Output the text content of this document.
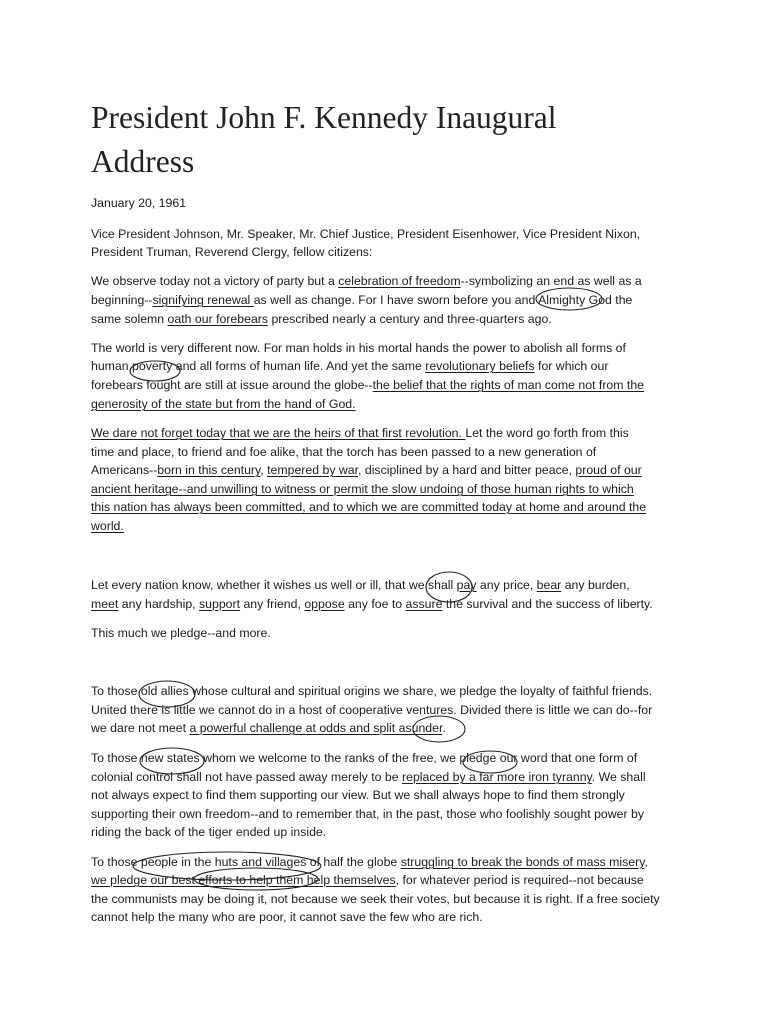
President John F. Kennedy Inaugural
Address

January 20, 1961

Vice President Johnson, Mr. Speaker, Mr. Chief Justice, President Eisenhower, Vice President Nixon,

President Truman, Reverend Clergy, fellow citizens:

We observe today not a victory of party but a celebration of freedom--symbolizing an end as well as a

beginning--signifying renewal as well as change. For I have sworn before you and Almighty God the

same solemn oath our forebears prescribed nearly a century and three-quarters ago.

The world is very different now. For man holds in his mortal hands the power to abolish all forms of

human poverty and all forms of human life. And yet the same revolutionary beliefs for which our

forebears fought are still at issue around the globe--the belief that the rights of man come not from the

generosity of the state but from the hand of God.

We dare not forget today that we are the heirs of that first revolution. Let the word go forth from this

time and place, to friend and foe alike, that the torch has been passed to a new generation of

Americans--born in this century, tempered by war, disciplined by a hard and bitter peace, proud of our

ancient heritage--and unwilling to witness or permit the slow undoing of those human rights to which

this nation has always been committed, and to which we are committed today at home and around the

world.

Let every nation know, whether it wishes us well or ill, that we shall pay any price, bear any burden,

meet any hardship, support any friend, oppose any foe to assure the survival and the success of liberty.

This much we pledge--and more.

To those old allies whose cultural and spiritual origins we share, we pledge the loyalty of faithful friends.

United there is little we cannot do in a host of cooperative ventures. Divided there is little we can do--for

we dare not meet a powerful challenge at odds and split asunder.

To those new states whom we welcome to the ranks of the free, we pledge our word that one form of

colonial control shall not have passed away merely to be replaced by a far more iron tyranny. We shall

not always expect to find them supporting our view. But we shall always hope to find them strongly

supporting their own freedom--and to remember that, in the past, those who foolishly sought power by

riding the back of the tiger ended up inside.

To those people in the huts and villages of half the globe struggling to break the bonds of mass misery,

we pledge our best efforts to help them help themselves, for whatever period is required--not because

the communists may be doing it, not because we seek their votes, but because it is right. If a free society

cannot help the many who are poor, it cannot save the few who are rich.
